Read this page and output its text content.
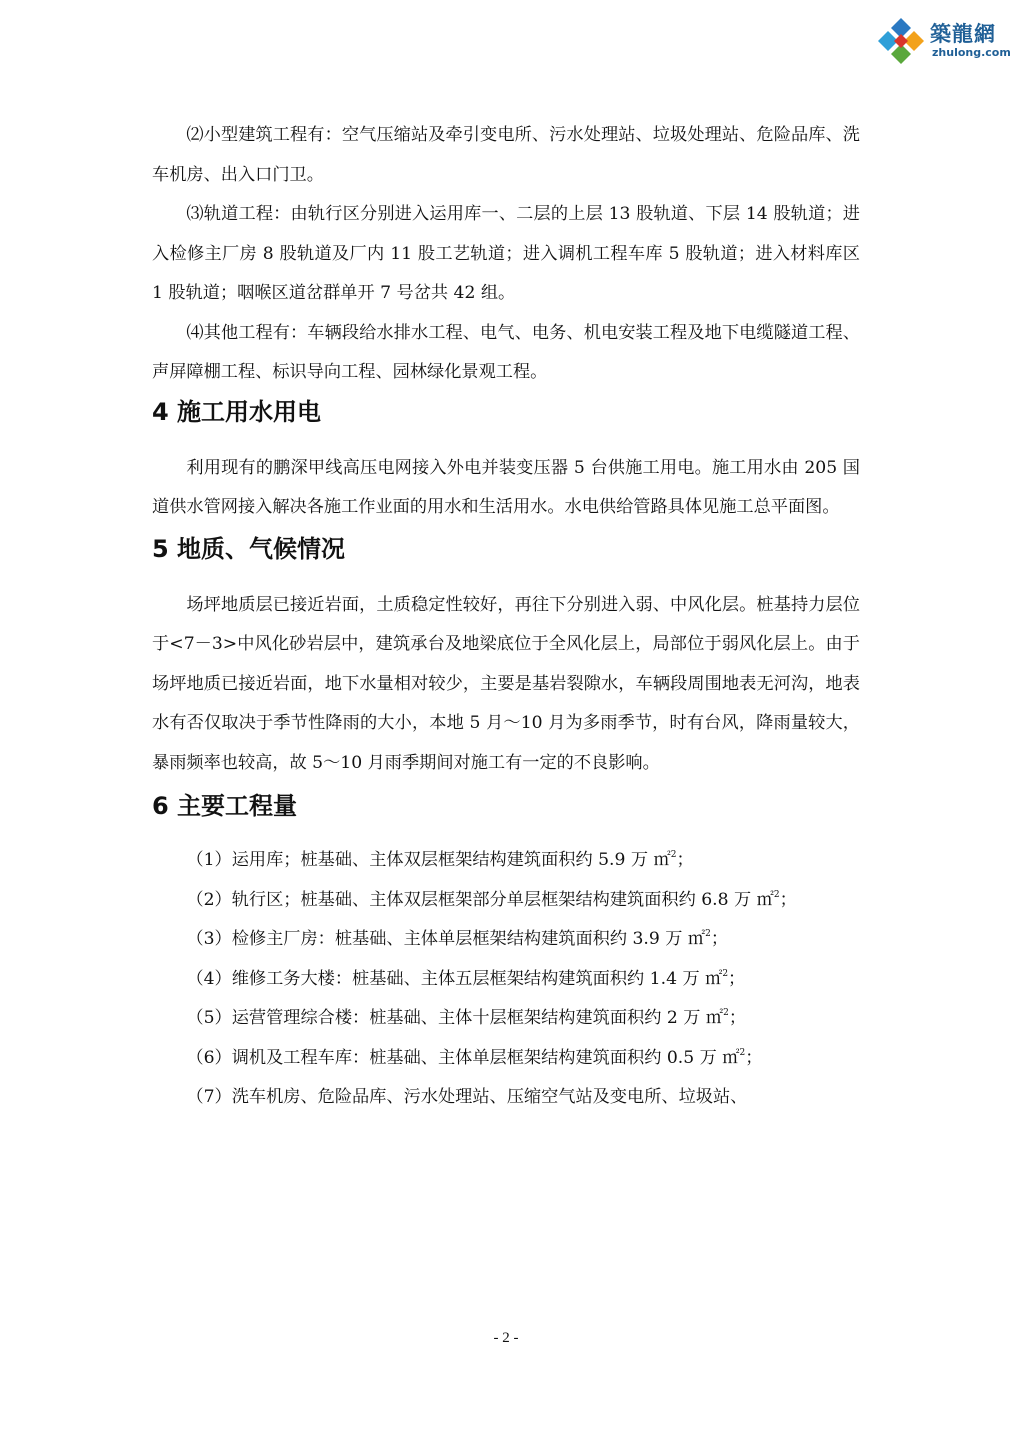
築龍網
zhulong.com

⑵小型建筑工程有：空气压缩站及牵引变电所、污水处理站、垃圾处理站、危险品库、洗车机房、出入口门卫。

⑶轨道工程：由轨行区分别进入运用库一、二层的上层 13 股轨道、下层 14 股轨道；进入检修主厂房 8 股轨道及厂内 11 股工艺轨道；进入调机工程车库 5 股轨道；进入材料库区 1 股轨道；咽喉区道岔群单开 7 号岔共 42 组。

⑷其他工程有：车辆段给水排水工程、电气、电务、机电安装工程及地下电缆隧道工程、声屏障棚工程、标识导向工程、园林绿化景观工程。

4 施工用水用电

利用现有的鹏深甲线高压电网接入外电并装变压器 5 台供施工用电。施工用水由 205 国道供水管网接入解决各施工作业面的用水和生活用水。水电供给管路具体见施工总平面图。

5 地质、气候情况

场坪地质层已接近岩面，土质稳定性较好，再往下分别进入弱、中风化层。桩基持力层位于<7－3>中风化砂岩层中，建筑承台及地梁底位于全风化层上，局部位于弱风化层上。由于场坪地质已接近岩面，地下水量相对较少，主要是基岩裂隙水，车辆段周围地表无河沟，地表水有否仅取决于季节性降雨的大小，本地 5 月～10 月为多雨季节，时有台风，降雨量较大，暴雨频率也较高，故 5～10 月雨季期间对施工有一定的不良影响。

6 主要工程量
（1）运用库；桩基础、主体双层框架结构建筑面积约 5.9 万 ㎡$^2$；
（2）轨行区；桩基础、主体双层框架部分单层框架结构建筑面积约 6.8 万 ㎡$^2$；
（3）检修主厂房：桩基础、主体单层框架结构建筑面积约 3.9 万 ㎡$^2$；
（4）维修工务大楼：桩基础、主体五层框架结构建筑面积约 1.4 万 ㎡$^2$；
（5）运营管理综合楼：桩基础、主体十层框架结构建筑面积约 2 万 ㎡$^2$；
（6）调机及工程车库：桩基础、主体单层框架结构建筑面积约 0.5 万 ㎡$^2$；
（7）洗车机房、危险品库、污水处理站、压缩空气站及变电所、垃圾站、
- 2 -
